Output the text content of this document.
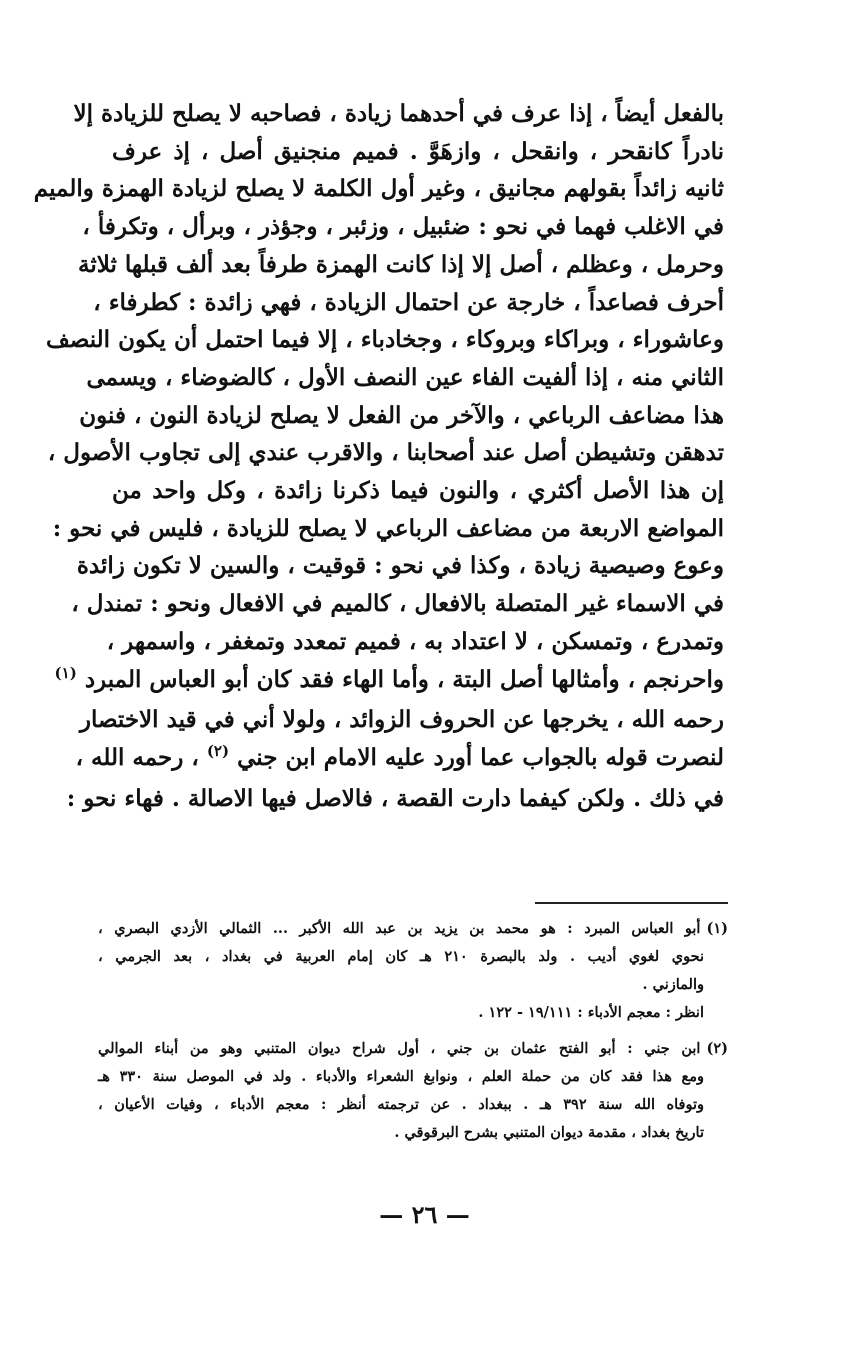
بالفعل أيضاً ، إذا عرف في أحدهما زيادة ، فصاحبه لا يصلح للزيادة إلا
نادراً كانقحر ، وانقحل ، وازهَوَّ . فميم منجنيق أصل ، إذ عرف
ثانيه زائداً بقولهم مجانيق ، وغير أول الكلمة لا يصلح لزيادة الهمزة والميم
في الاغلب فهما في نحو : ضئبيل ، وزئبر ، وجؤذر ، وبرأل ، وتكرفأ ،
وحرمل ، وعظلم ، أصل إلا إذا كانت الهمزة طرفاً بعد ألف قبلها ثلاثة
أحرف فصاعداً ، خارجة عن احتمال الزيادة ، فهي زائدة : كطرفاء ،
وعاشوراء ، وبراكاء وبروكاء ، وجخادباء ، إلا فيما احتمل أن يكون النصف
الثاني منه ، إذا ألفيت الفاء عين النصف الأول ، كالضوضاء ، ويسمى
هذا مضاعف الرباعي ، والآخر من الفعل لا يصلح لزيادة النون ، فنون
تدهقن وتشيطن أصل عند أصحابنا ، والاقرب عندي إلى تجاوب الأصول ،
إن هذا الأصل أكثري ، والنون فيما ذكرنا زائدة ، وكل واحد من
المواضع الاربعة من مضاعف الرباعي لا يصلح للزيادة ، فليس في نحو :
وعوع وصيصية زيادة ، وكذا في نحو : قوقيت ، والسين لا تكون زائدة
في الاسماء غير المتصلة بالافعال ، كالميم في الافعال ونحو : تمندل ،
وتمدرع ، وتمسكن ، لا اعتداد به ، فميم تمعدد وتمغفر ، واسمهر ،
واحرنجم ، وأمثالها أصل البتة ، وأما الهاء فقد كان أبو العباس المبرد $^{(١)}$
رحمه الله ، يخرجها عن الحروف الزوائد ، ولولا أني في قيد الاختصار
لنصرت قوله بالجواب عما أورد عليه الامام ابن جني $^{(٢)}$ ، رحمه الله ،
في ذلك . ولكن كيفما دارت القصة ، فالاصل فيها الاصالة . فهاء نحو :
(١)أبو العباس المبرد : هو محمد بن يزيد بن عبد الله الأكبر ... الثمالي الأزدي البصري ،
نحوي لغوي أديب . ولد بالبصرة ٢١٠ هـ كان إمام العربية في بغداد ، بعد الجرمي ،
والمازني .
انظر : معجم الأدباء : ١٩/١١١ - ١٢٢ .
(٢)ابن جني : أبو الفتح عثمان بن جني ، أول شراح ديوان المتنبي وهو من أبناء الموالي
ومع هذا فقد كان من حملة العلم ، ونوابغ الشعراء والأدباء . ولد في الموصل سنة ٣٣٠ هـ
وتوفاه الله سنة ٣٩٢ هـ . ببغداد . عن ترجمته أنظر : معجم الأدباء ، وفيات الأعيان ،
تاريخ بغداد ، مقدمة ديوان المتنبي بشرح البرقوقي .
— ٢٦ —
